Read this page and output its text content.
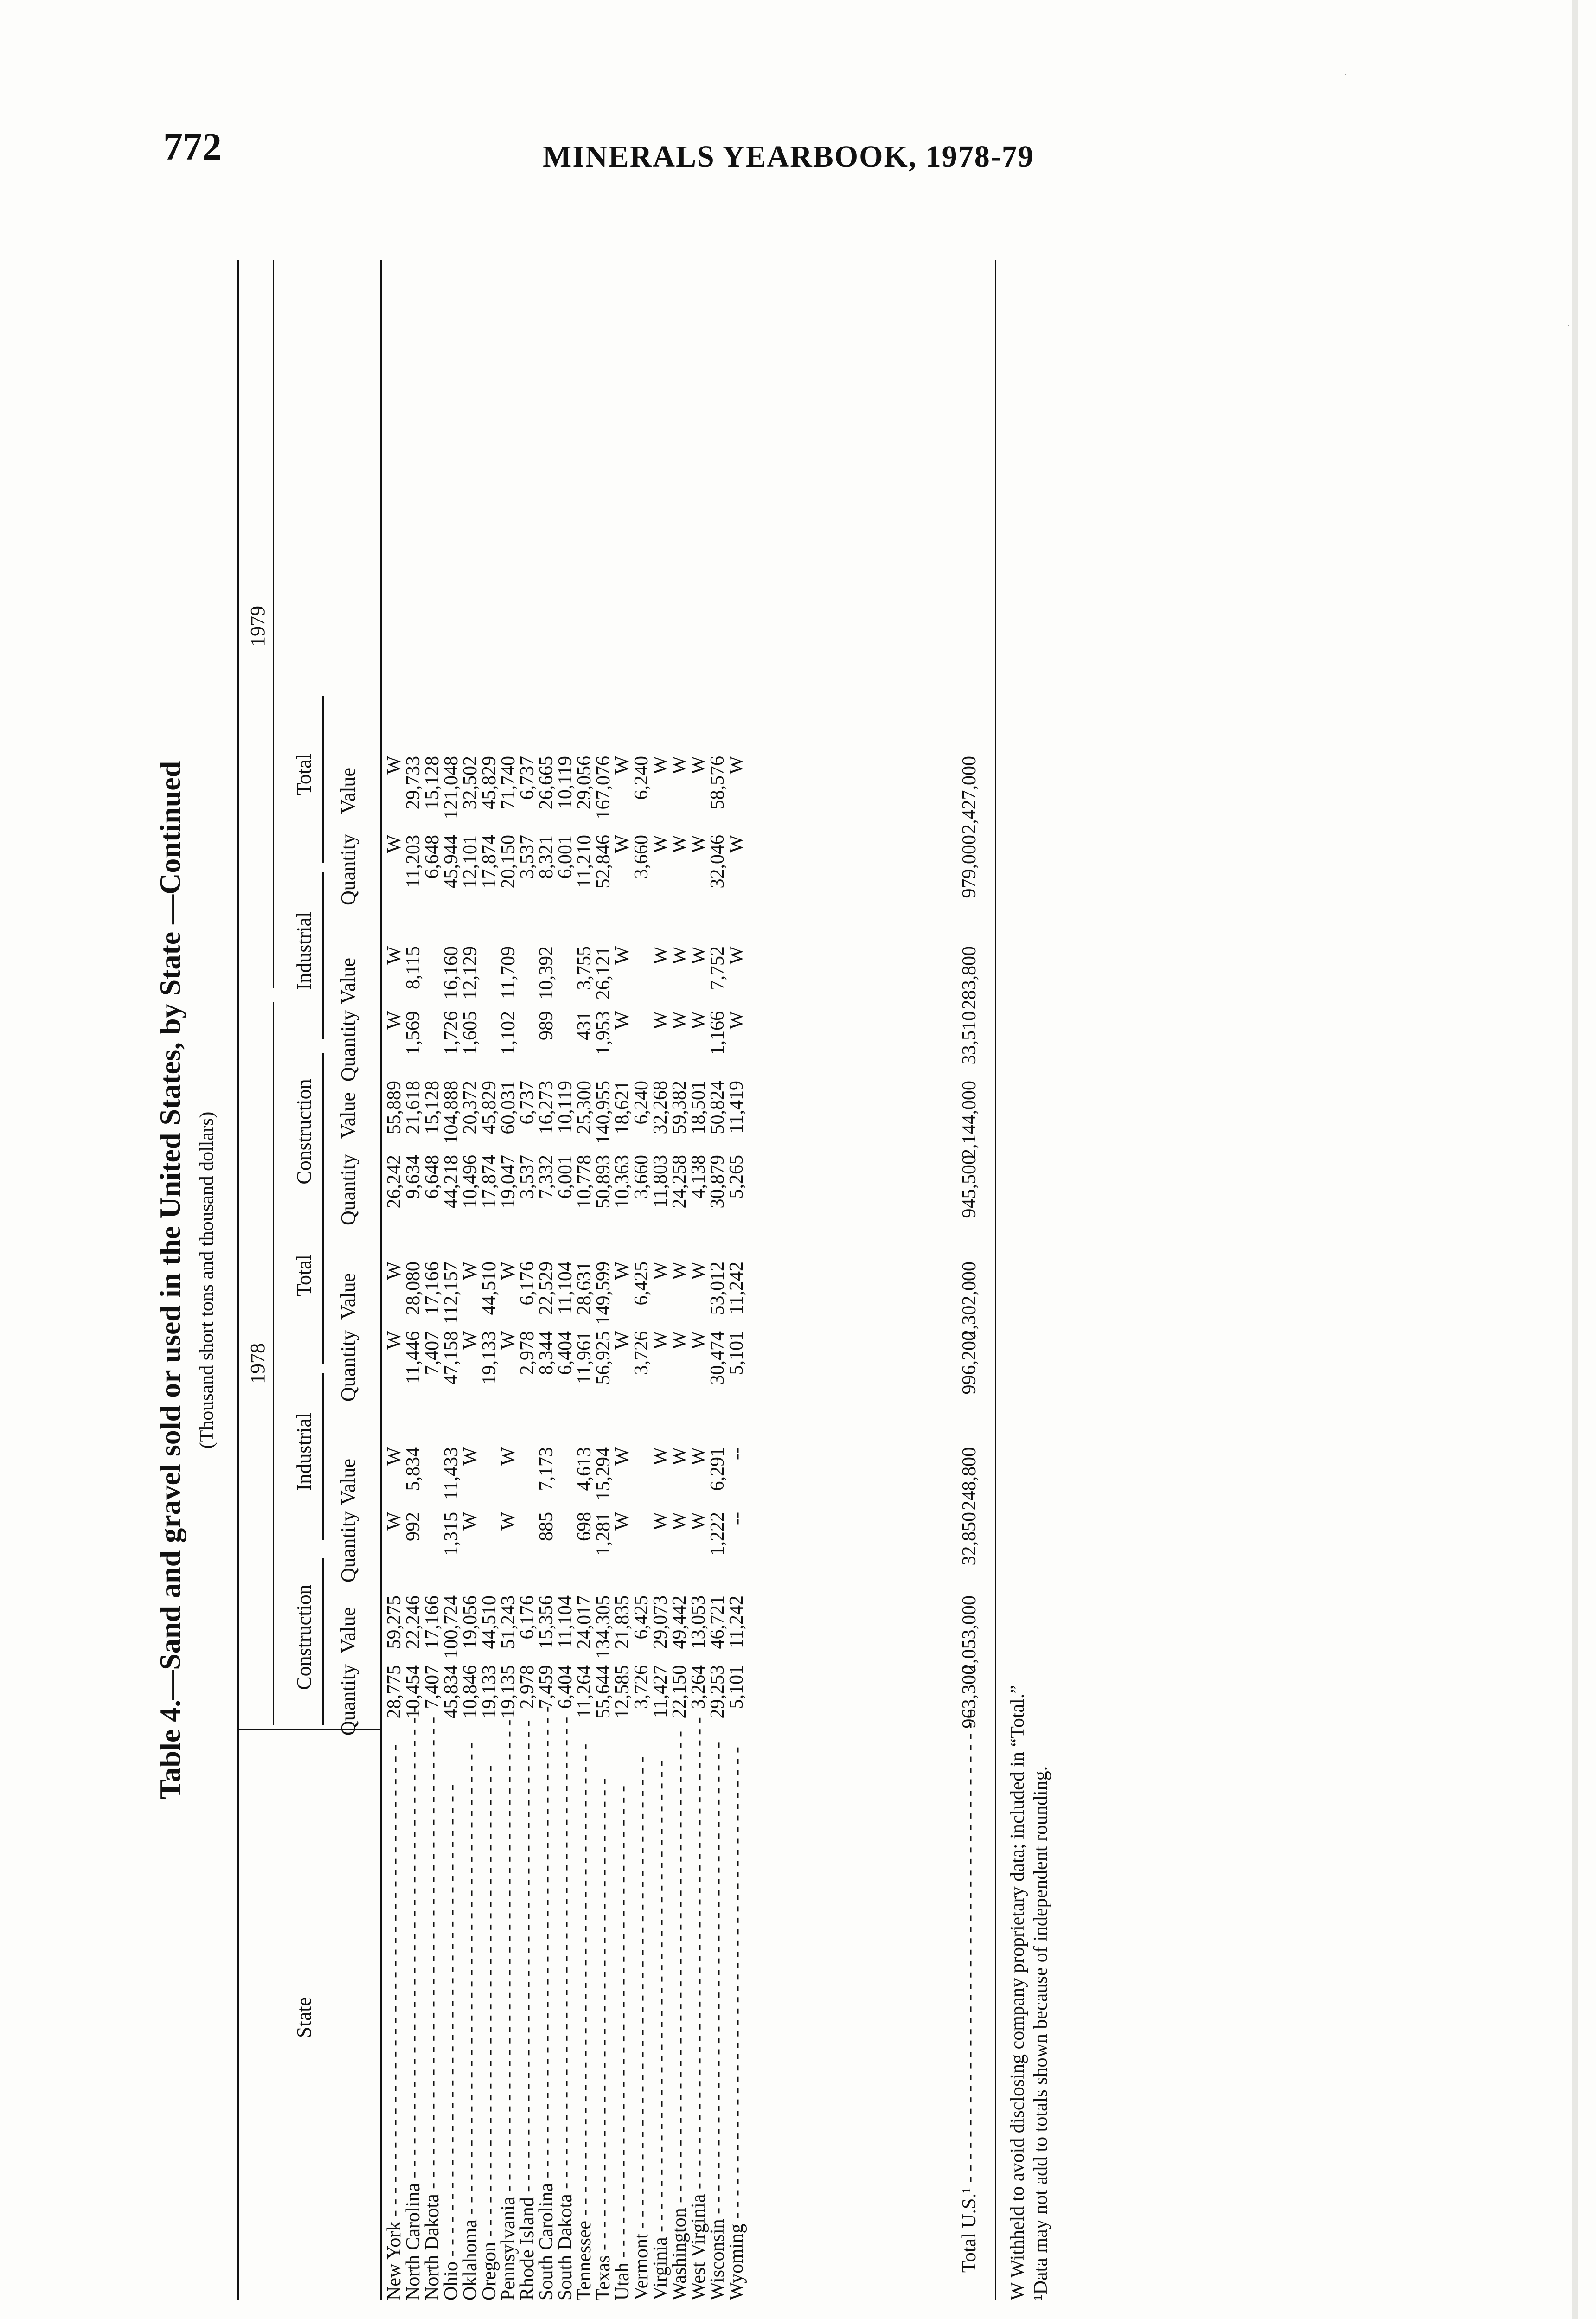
772	MINERALS YEARBOOK, 1978-79
Table 4.—Sand and gravel sold or used in the United States, by State —Continued (Thousand short tons and thousand dollars)
State
1978
1979
Construction
Industrial
Total
Construction
Industrial
Total
Quantity
Value
Quantity
Value
Quantity
Value
Quantity
Value
Quantity
Value
Quantity
Value
New York - - - - - - - - - - - - - - - - - - - - - - - - - - - - - - - - - - - - - - - - - -
28,775
59,275
W
W
W
W
26,242
55,889
W
W
W
W
North Carolina - - - - - - - - - - - - - - - - - - - - - - - - - - - - - - - - - - - - - - - - - -
10,454
22,246
992
5,834
11,446
28,080
9,634
21,618
1,569
8,115
11,203
29,733
North Dakota - - - - - - - - - - - - - - - - - - - - - - - - - - - - - - - - - - - - - - - - - -
7,407
17,166
7,407
17,166
6,648
15,128
6,648
15,128
Ohio - - - - - - - - - - - - - - - - - - - - - - - - - - - - - - - - - - - - - - - - - -
45,834
100,724
1,315
11,433
47,158
112,157
44,218
104,888
1,726
16,160
45,944
121,048
Oklahoma - - - - - - - - - - - - - - - - - - - - - - - - - - - - - - - - - - - - - - - - - -
10,846
19,056
W
W
W
W
10,496
20,372
1,605
12,129
12,101
32,502
Oregon - - - - - - - - - - - - - - - - - - - - - - - - - - - - - - - - - - - - - - - - - -
19,133
44,510
19,133
44,510
17,874
45,829
17,874
45,829
Pennsylvania - - - - - - - - - - - - - - - - - - - - - - - - - - - - - - - - - - - - - - - - - -
19,135
51,243
W
W
W
W
19,047
60,031
1,102
11,709
20,150
71,740
Rhode Island - - - - - - - - - - - - - - - - - - - - - - - - - - - - - - - - - - - - - - - - - -
2,978
6,176
2,978
6,176
3,537
6,737
3,537
6,737
South Carolina - - - - - - - - - - - - - - - - - - - - - - - - - - - - - - - - - - - - - - - - - -
7,459
15,356
885
7,173
8,344
22,529
7,332
16,273
989
10,392
8,321
26,665
South Dakota - - - - - - - - - - - - - - - - - - - - - - - - - - - - - - - - - - - - - - - - - -
6,404
11,104
6,404
11,104
6,001
10,119
6,001
10,119
Tennessee - - - - - - - - - - - - - - - - - - - - - - - - - - - - - - - - - - - - - - - - - -
11,264
24,017
698
4,613
11,961
28,631
10,778
25,300
431
3,755
11,210
29,056
Texas - - - - - - - - - - - - - - - - - - - - - - - - - - - - - - - - - - - - - - - - - -
55,644
134,305
1,281
15,294
56,925
149,599
50,893
140,955
1,953
26,121
52,846
167,076
Utah - - - - - - - - - - - - - - - - - - - - - - - - - - - - - - - - - - - - - - - - - -
12,585
21,835
W
W
W
W
10,363
18,621
W
W
W
W
Vermont - - - - - - - - - - - - - - - - - - - - - - - - - - - - - - - - - - - - - - - - - -
3,726
6,425
3,726
6,425
3,660
6,240
3,660
6,240
Virginia - - - - - - - - - - - - - - - - - - - - - - - - - - - - - - - - - - - - - - - - - -
11,427
29,073
W
W
W
W
11,803
32,268
W
W
W
W
Washington - - - - - - - - - - - - - - - - - - - - - - - - - - - - - - - - - - - - - - - - - -
22,150
49,442
W
W
W
W
24,258
59,382
W
W
W
W
West Virginia - - - - - - - - - - - - - - - - - - - - - - - - - - - - - - - - - - - - - - - - - -
3,264
13,053
W
W
W
W
4,138
18,501
W
W
W
W
Wisconsin - - - - - - - - - - - - - - - - - - - - - - - - - - - - - - - - - - - - - - - - - -
29,253
46,721
1,222
6,291
30,474
53,012
30,879
50,824
1,166
7,752
32,046
58,576
Wyoming - - - - - - - - - - - - - - - - - - - - - - - - - - - - - - - - - - - - - - - - - -
5,101
11,242
--
--
5,101
11,242
5,265
11,419
W
W
W
W
Total U.S.¹ - - - - - - - - - - - - - - - - - - - - - - - - - - - - - - - - - - - - - - - - - -
963,300
2,053,000
32,850
248,800
996,200
2,302,000
945,500
2,144,000
33,510
283,800
979,000
2,427,000
W Withheld to avoid disclosing company proprietary data; included in “Total.” ¹Data may not add to totals shown because of independent rounding.
